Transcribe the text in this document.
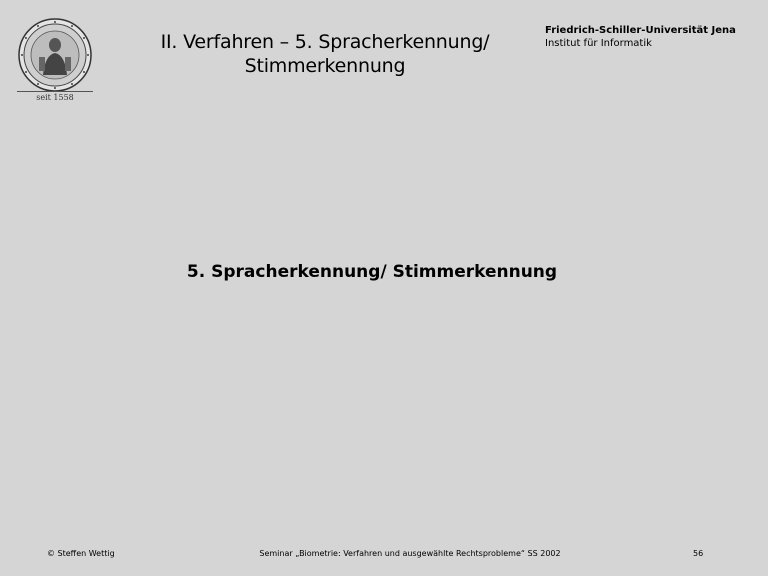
seit 1558
II. Verfahren – 5. Spracherkennung/
Stimmerkennung
Friedrich-Schiller-Universität Jena
Institut für Informatik
5. Spracherkennung/ Stimmerkennung
© Steffen Wettig	Seminar „Biometrie: Verfahren und ausgewählte Rechtsprobleme“ SS 2002	56
